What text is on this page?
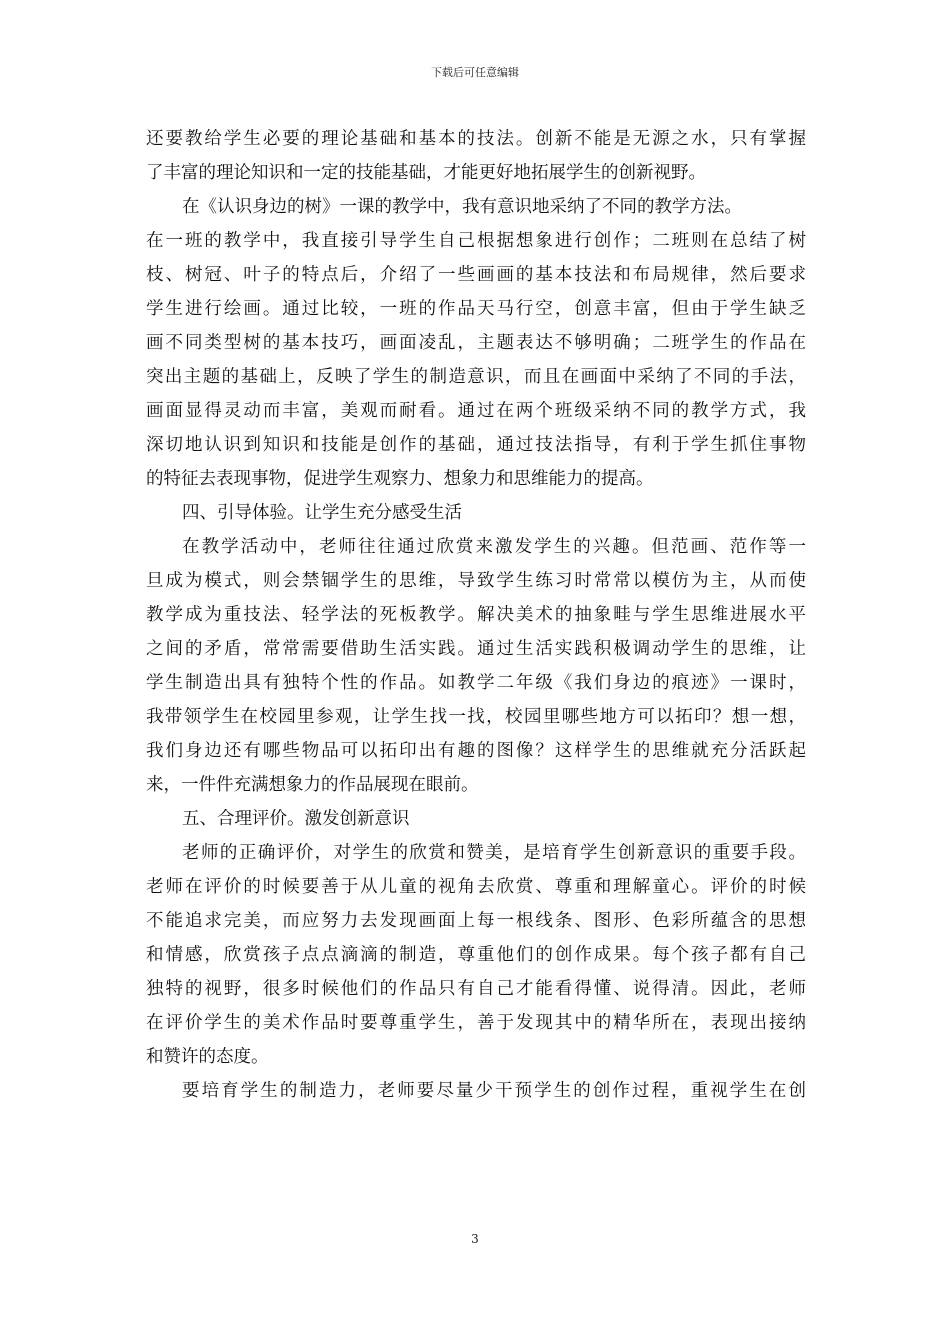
下载后可任意编辑
还要教给学生必要的理论基础和基本的技法。创新不能是无源之水，只有掌握
了丰富的理论知识和一定的技能基础，才能更好地拓展学生的创新视野。
在《认识身边的树》一课的教学中，我有意识地采纳了不同的教学方法。
在一班的教学中，我直接引导学生自己根据想象进行创作；二班则在总结了树
枝、树冠、叶子的特点后，介绍了一些画画的基本技法和布局规律，然后要求
学生进行绘画。通过比较，一班的作品天马行空，创意丰富，但由于学生缺乏
画不同类型树的基本技巧，画面凌乱，主题表达不够明确；二班学生的作品在
突出主题的基础上，反映了学生的制造意识，而且在画面中采纳了不同的手法，
画面显得灵动而丰富，美观而耐看。通过在两个班级采纳不同的教学方式，我
深切地认识到知识和技能是创作的基础，通过技法指导，有利于学生抓住事物
的特征去表现事物，促进学生观察力、想象力和思维能力的提高。
四、引导体验。让学生充分感受生活
在教学活动中，老师往往通过欣赏来激发学生的兴趣。但范画、范作等一
旦成为模式，则会禁锢学生的思维，导致学生练习时常常以模仿为主，从而使
教学成为重技法、轻学法的死板教学。解决美术的抽象畦与学生思维进展水平
之间的矛盾，常常需要借助生活实践。通过生活实践积极调动学生的思维，让
学生制造出具有独特个性的作品。如教学二年级《我们身边的痕迹》一课时，
我带领学生在校园里参观，让学生找一找，校园里哪些地方可以拓印？想一想，
我们身边还有哪些物品可以拓印出有趣的图像？这样学生的思维就充分活跃起
来，一件件充满想象力的作品展现在眼前。
五、合理评价。激发创新意识
老师的正确评价，对学生的欣赏和赞美，是培育学生创新意识的重要手段。
老师在评价的时候要善于从儿童的视角去欣赏、尊重和理解童心。评价的时候
不能追求完美，而应努力去发现画面上每一根线条、图形、色彩所蕴含的思想
和情感，欣赏孩子点点滴滴的制造，尊重他们的创作成果。每个孩子都有自己
独特的视野，很多时候他们的作品只有自己才能看得懂、说得清。因此，老师
在评价学生的美术作品时要尊重学生，善于发现其中的精华所在，表现出接纳
和赞许的态度。
要培育学生的制造力，老师要尽量少干预学生的创作过程，重视学生在创
3
